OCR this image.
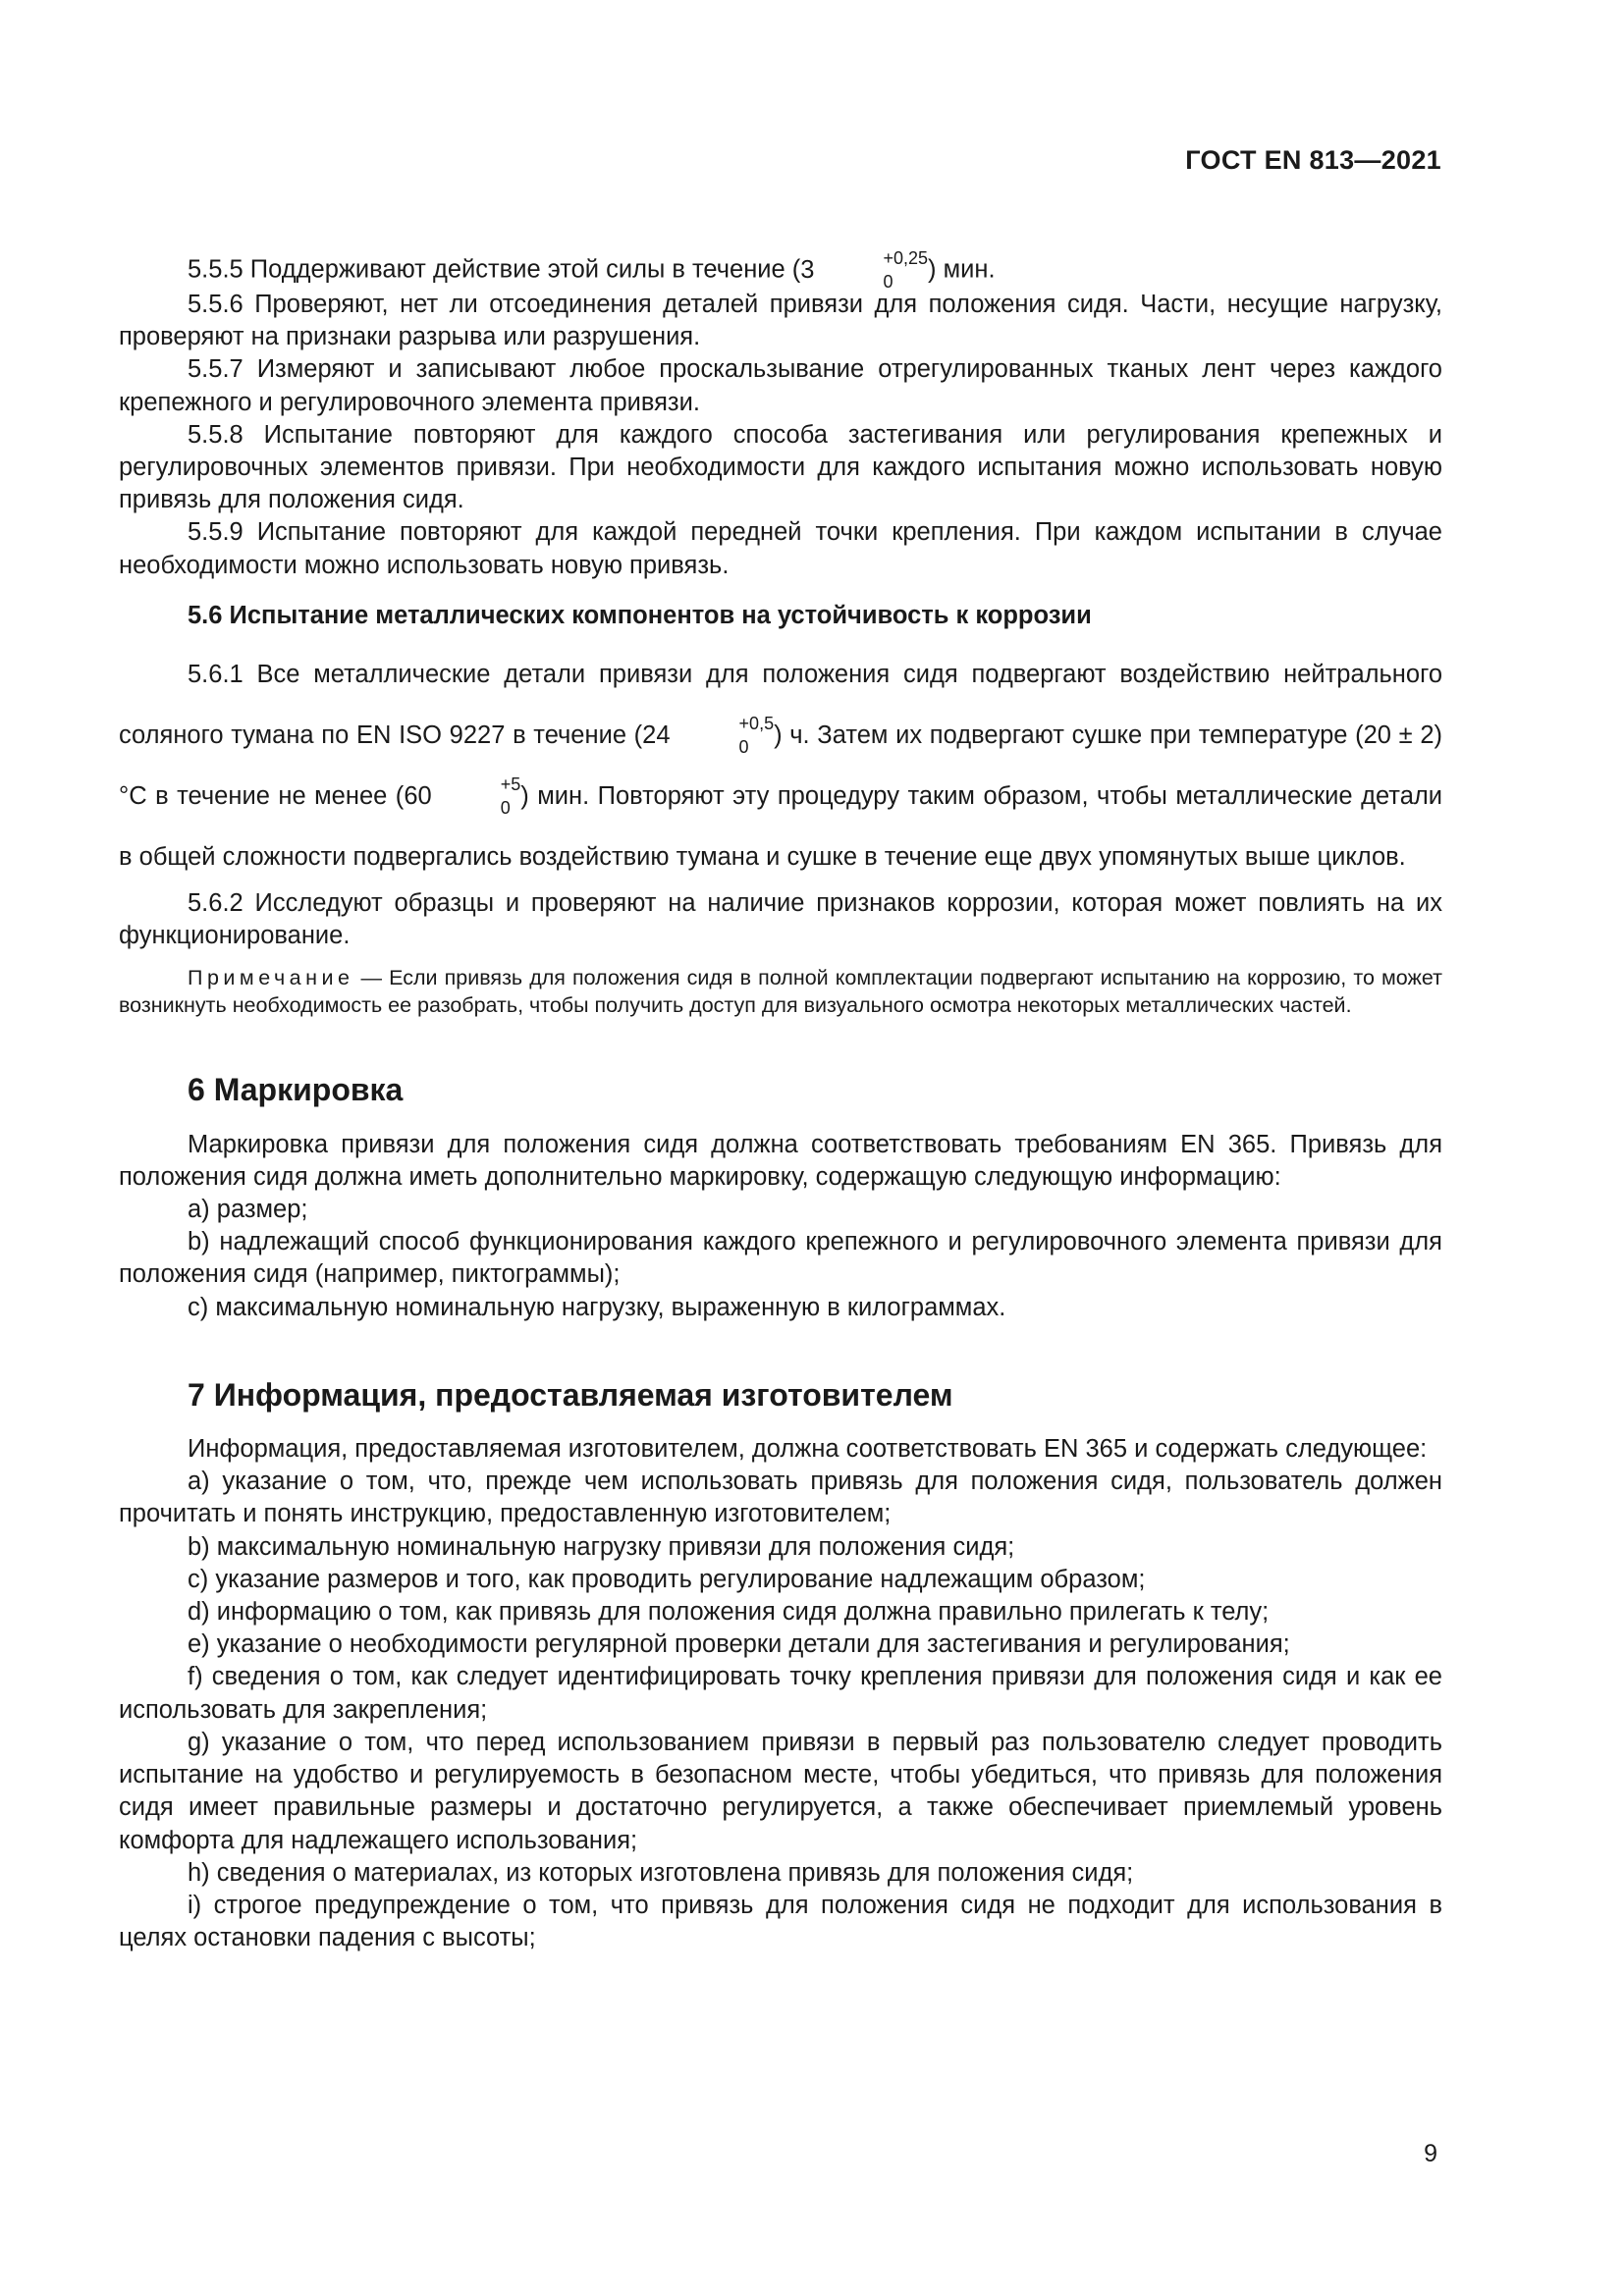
ГОСТ EN 813—2021

5.5.5 Поддерживают действие этой силы в течение (3	+0,25
0	) мин.

5.5.6 Проверяют, нет ли отсоединения деталей привязи для положения сидя. Части, несущие нагрузку, проверяют на признаки разрыва или разрушения.

5.5.7 Измеряют и записывают любое проскальзывание отрегулированных тканых лент через каждого крепежного и регулировочного элемента привязи.

5.5.8 Испытание повторяют для каждого способа застегивания или регулирования крепежных и регулировочных элементов привязи. При необходимости для каждого испытания можно использовать новую привязь для положения сидя.

5.5.9 Испытание повторяют для каждой передней точки крепления. При каждом испытании в случае необходимости можно использовать новую привязь.

5.6 Испытание металлических компонентов на устойчивость к коррозии

5.6.1 Все металлические детали привязи для положения сидя подвергают воздействию нейтрального соляного тумана по EN ISO 9227 в течение (24	+0,5
0	) ч. Затем их подвергают сушке при температуре (20 ± 2) °С в течение не менее (60	+5
0 ) мин. Повторяют эту процедуру таким образом, чтобы металлические детали в общей сложности подвергались воздействию тумана и сушке в течение еще двух упомянутых выше циклов.

5.6.2 Исследуют образцы и проверяют на наличие признаков коррозии, которая может повлиять на их функционирование.

Примечание — Если привязь для положения сидя в полной комплектации подвергают испытанию на коррозию, то может возникнуть необходимость ее разобрать, чтобы получить доступ для визуального осмотра некоторых металлических частей.

6 Маркировка

Маркировка привязи для положения сидя должна соответствовать требованиям EN 365. Привязь для положения сидя должна иметь дополнительно маркировку, содержащую следующую информацию:

a) размер;

b) надлежащий способ функционирования каждого крепежного и регулировочного элемента привязи для положения сидя (например, пиктограммы);

c) максимальную номинальную нагрузку, выраженную в килограммах.

7 Информация, предоставляемая изготовителем

Информация, предоставляемая изготовителем, должна соответствовать EN 365 и содержать следующее:

a) указание о том, что, прежде чем использовать привязь для положения сидя, пользователь должен прочитать и понять инструкцию, предоставленную изготовителем;

b) максимальную номинальную нагрузку привязи для положения сидя;

c) указание размеров и того, как проводить регулирование надлежащим образом;

d) информацию о том, как привязь для положения сидя должна правильно прилегать к телу;

e) указание о необходимости регулярной проверки детали для застегивания и регулирования;

f) сведения о том, как следует идентифицировать точку крепления привязи для положения сидя и как ее использовать для закрепления;

g) указание о том, что перед использованием привязи в первый раз пользователю следует проводить испытание на удобство и регулируемость в безопасном месте, чтобы убедиться, что привязь для положения сидя имеет правильные размеры и достаточно регулируется, а также обеспечивает приемлемый уровень комфорта для надлежащего использования;

h) сведения о материалах, из которых изготовлена привязь для положения сидя;

i) строгое предупреждение о том, что привязь для положения сидя не подходит для использования в целях остановки падения с высоты;

9
